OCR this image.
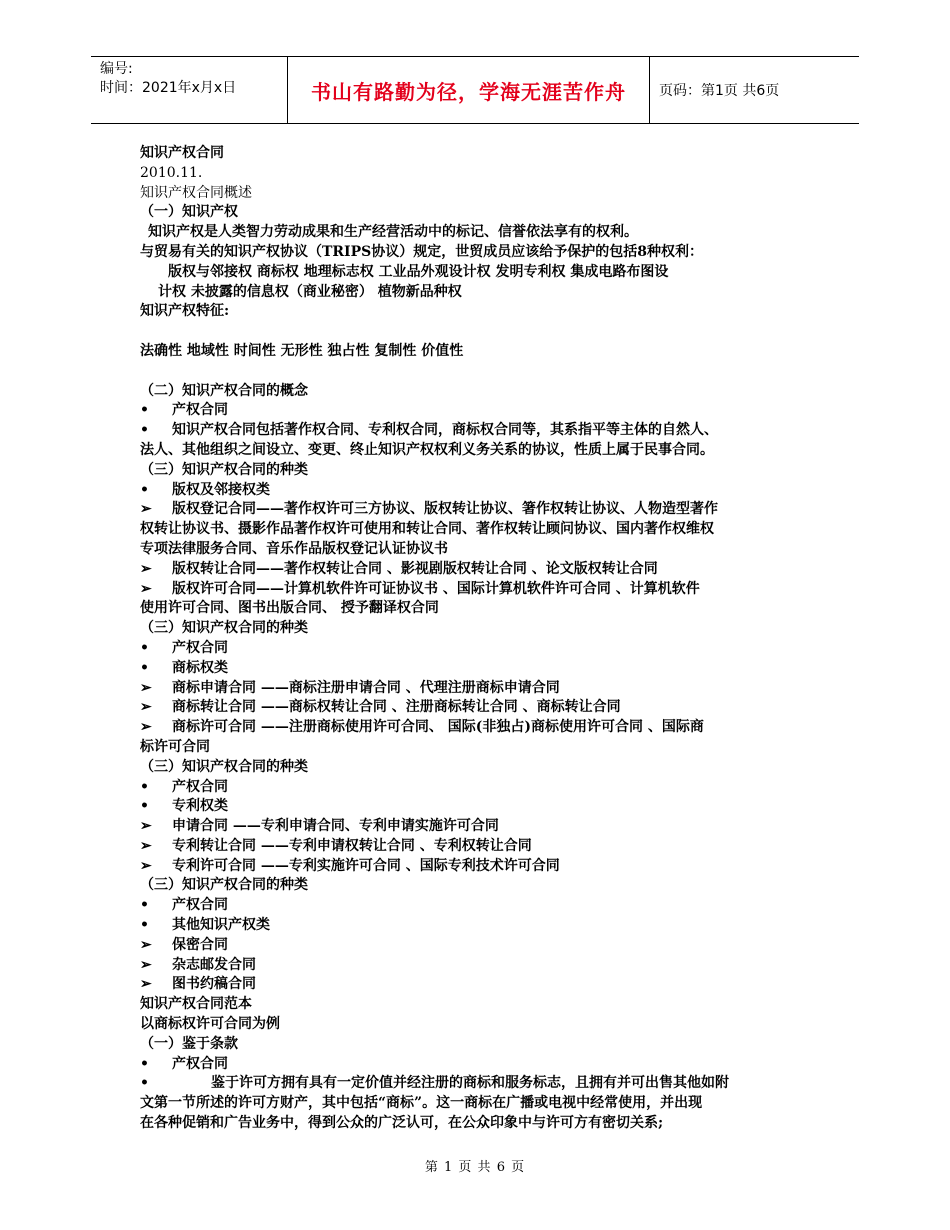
编号:
时间：2021年x月x日	书山有路勤为径，学海无涯苦作舟	页码：第1页 共6页
知识产权合同
2010.11.
知识产权合同概述
（一）知识产权
知识产权是人类智力劳动成果和生产经营活动中的标记、信誉依法享有的权利。
与贸易有关的知识产权协议（TRIPS协议）规定，世贸成员应该给予保护的包括8种权利：
版权与邻接权 商标权 地理标志权 工业品外观设计权 发明专利权 集成电路布图设
计权 未披露的信息权（商业秘密） 植物新品种权
知识产权特征:
法确性 地域性 时间性 无形性 独占性 复制性 价值性
（二）知识产权合同的概念
•	产权合同
•	知识产权合同包括著作权合同、专利权合同，商标权合同等，其系指平等主体的自然人、
法人、其他组织之间设立、变更、终止知识产权权利义务关系的协议，性质上属于民事合同。
（三）知识产权合同的种类
•	版权及邻接权类
➢	版权登记合同——著作权许可三方协议、版权转让协议、箸作权转让协议、人物造型著作
权转让协议书、摄影作品著作权许可使用和转让合同、著作权转让顾问协议、国内著作权维权
专项法律服务合同、音乐作品版权登记认证协议书
➢	版权转让合同——著作权转让合同 、影视剧版权转让合同 、论文版权转让合同
➢	版权许可合同——计算机软件许可证协议书 、国际计算机软件许可合同 、计算机软件
使用许可合同、图书出版合同、 授予翻译权合同
（三）知识产权合同的种类
•	产权合同
•	商标权类
➢	商标申请合同 ——商标注册申请合同 、代理注册商标申请合同
➢	商标转让合同 ——商标权转让合同 、注册商标转让合同 、商标转让合同
➢	商标许可合同 ——注册商标使用许可合同、 国际(非独占)商标使用许可合同 、国际商
标许可合同
（三）知识产权合同的种类
•	产权合同
•	专利权类
➢	申请合同 ——专利申请合同、专利申请实施许可合同
➢	专利转让合同 ——专利申请权转让合同 、专利权转让合同
➢	专利许可合同 ——专利实施许可合同 、国际专利技术许可合同
（三）知识产权合同的种类
•	产权合同
•	其他知识产权类
➢	保密合同
➢	杂志邮发合同
➢	图书约稿合同
知识产权合同范本
以商标权许可合同为例
（一）鉴于条款
•	产权合同
•	鉴于许可方拥有具有一定价值并经注册的商标和服务标志，且拥有并可出售其他如附
文第一节所述的许可方财产，其中包括“商标”。这一商标在广播或电视中经常使用，并出现
在各种促销和广告业务中，得到公众的广泛认可，在公众印象中与许可方有密切关系;
第 1 页 共 6 页
